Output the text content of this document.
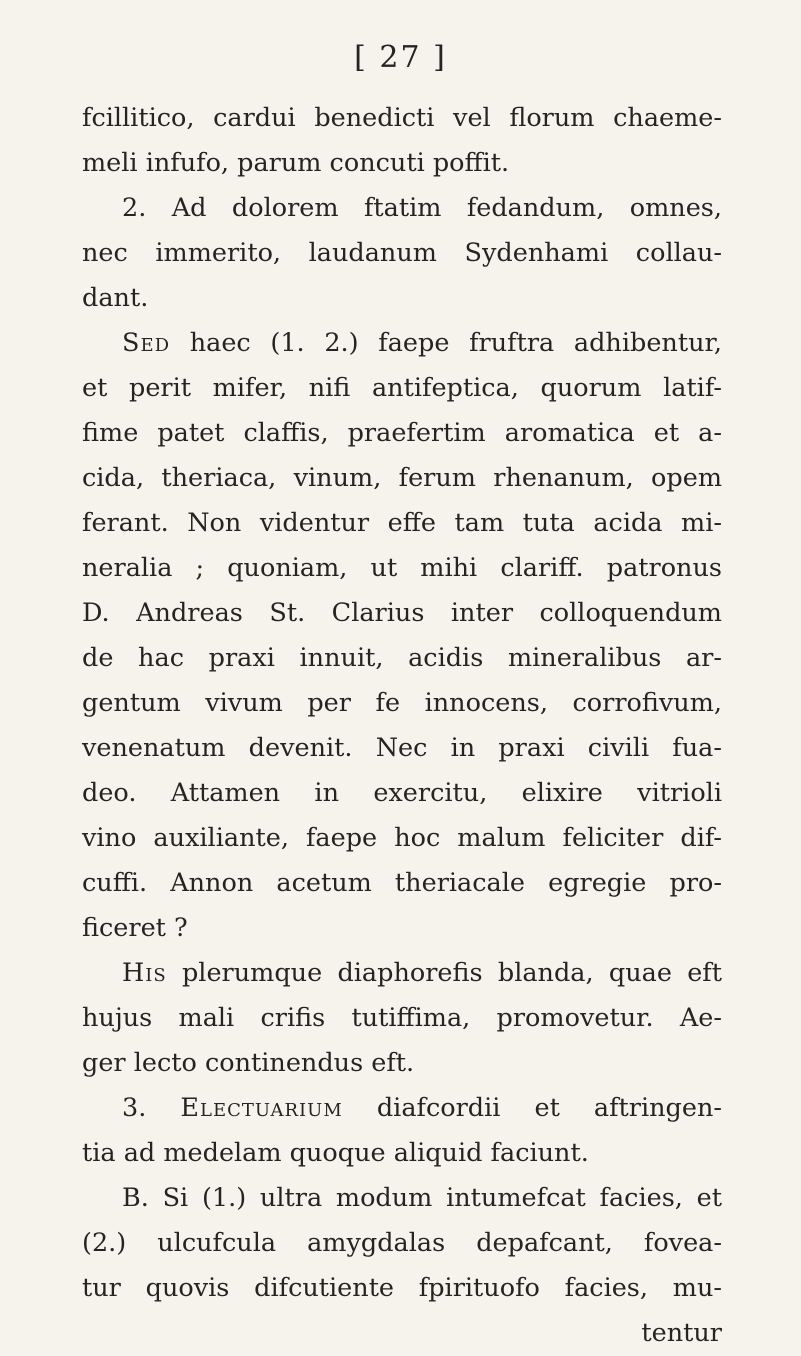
[ 27 ]
fcillitico, cardui benedicti vel florum chaeme-
meli infufo, parum concuti poffit.
2. Ad dolorem ftatim fedandum, omnes,
nec immerito, laudanum Sydenhami collau-
dant.
Sed haec (1. 2.) faepe fruftra adhibentur,
et perit mifer, nifi antifeptica, quorum latif-
fime patet claffis, praefertim aromatica et a-
cida, theriaca, vinum, ferum rhenanum, opem
ferant. Non videntur effe tam tuta acida mi-
neralia ; quoniam, ut mihi clariff. patronus
D. Andreas St. Clarius inter colloquendum
de hac praxi innuit, acidis mineralibus ar-
gentum vivum per fe innocens, corrofivum,
venenatum devenit. Nec in praxi civili fua-
deo. Attamen in exercitu, elixire vitrioli
vino auxiliante, faepe hoc malum feliciter dif-
cuffi. Annon acetum theriacale egregie pro-
ficeret ?
His plerumque diaphorefis blanda, quae eft
hujus mali crifis tutiffima, promovetur. Ae-
ger lecto continendus eft.
3. Electuarium diafcordii et aftringen-
tia ad medelam quoque aliquid faciunt.
B. Si (1.) ultra modum intumefcat facies, et
(2.) ulcufcula amygdalas depafcant, fovea-
tur quovis difcutiente fpirituofo facies, mu-
tentur
